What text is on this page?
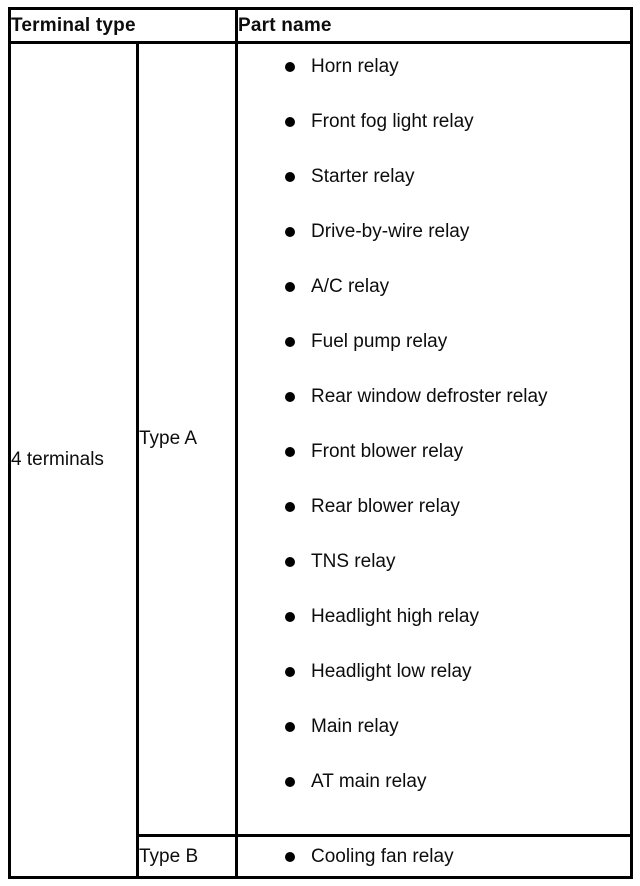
Terminal type		Part name
4 terminals	Type A	
Horn relay
Front fog light relay
Starter relay
Drive-by-wire relay
A/C relay
Fuel pump relay
Rear window defroster relay
Front blower relay
Rear blower relay
TNS relay
Headlight high relay
Headlight low relay
Main relay
AT main relay

Type B	Cooling fan relay
